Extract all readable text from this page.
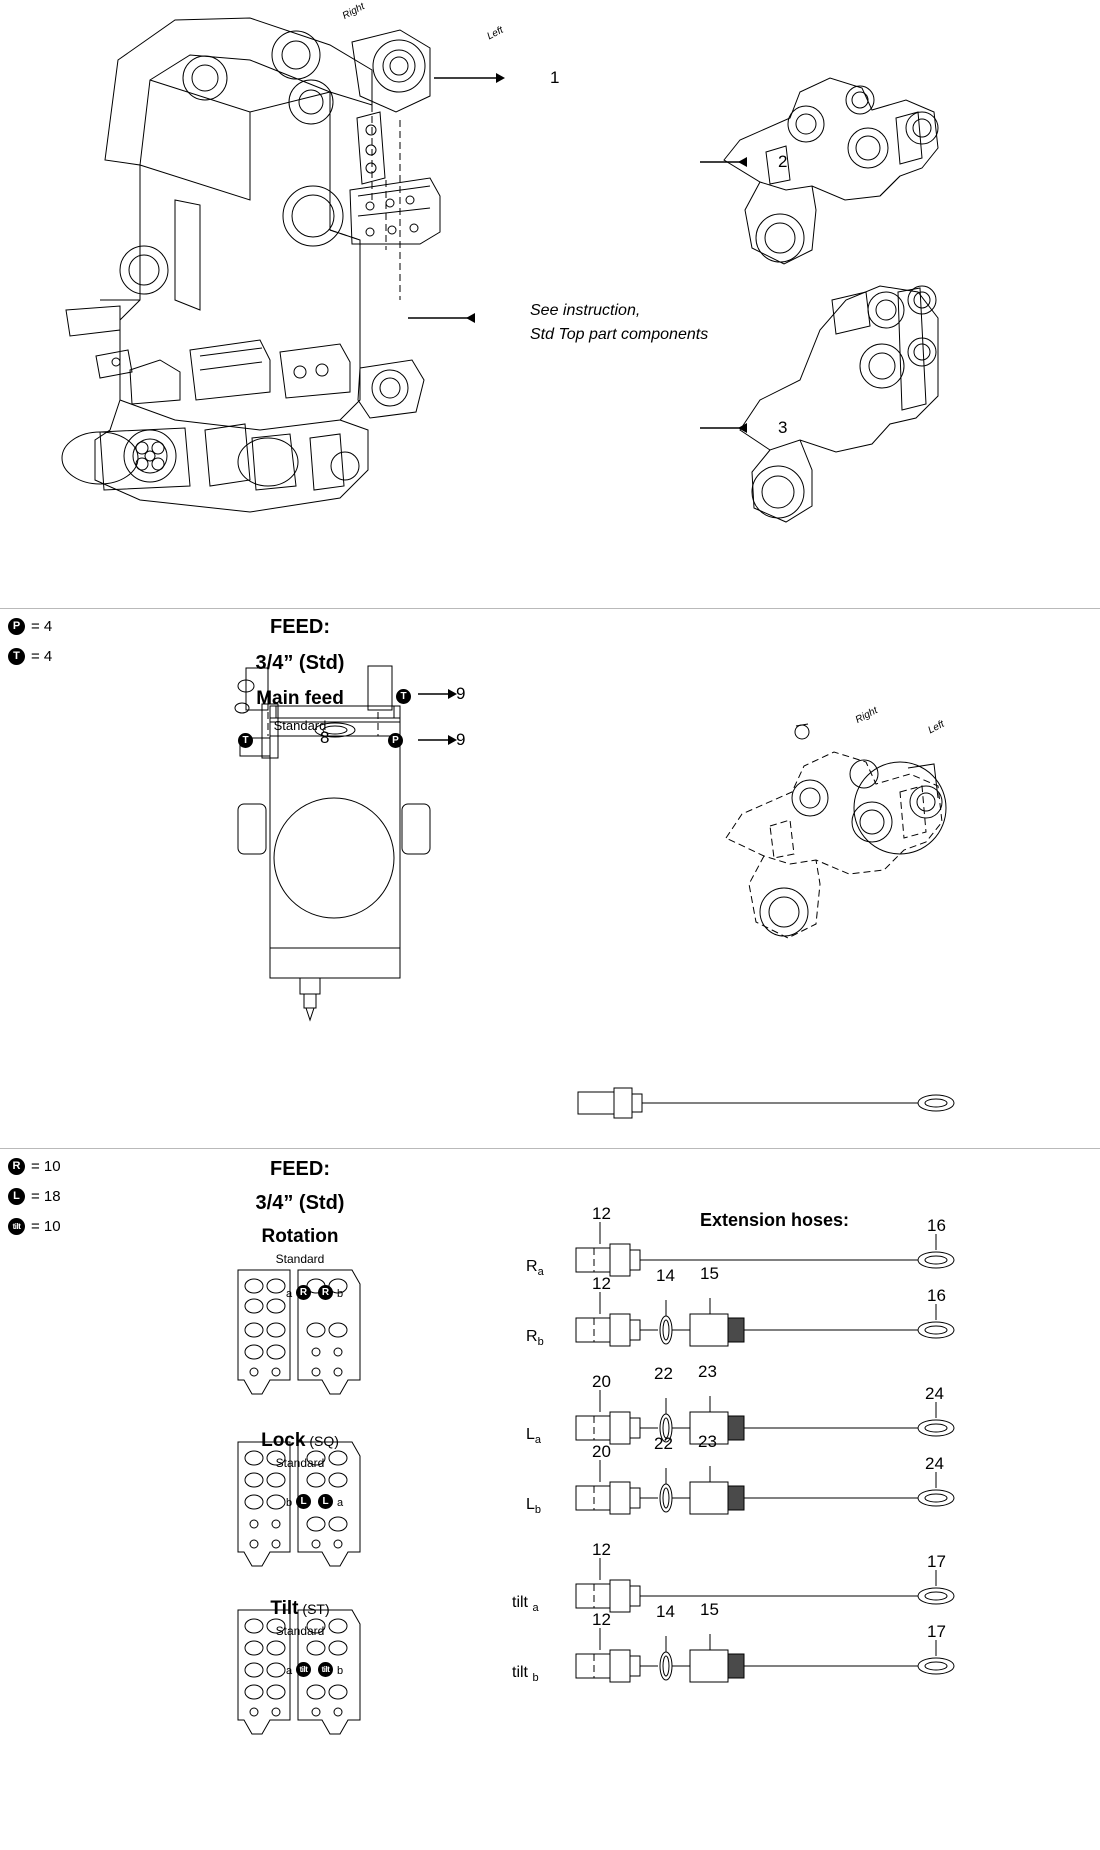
1
2
3
See instruction,
Std Top part components
Right
Left
P = 4
T = 4
FEED:
3/4” (Std)
Main feed
Standard
T
T	P
8
9
9
Right
Left
R = 10
L = 18
tilt = 10
FEED:
3/4” (Std)
Rotation
Standard
Lock (SQ)
Standard
Tilt (ST)
Standard
R	R
a	b
L	L
b	a
tilt	tilt
a	b
Extension hoses:
$R_a$
$R_b$
$L_a$
$L_b$
tilt $_a$
tilt $_b$
12
16
12	14 15
16
20	22 23
24
20	22 23
24
12
17
12	14 15
17
